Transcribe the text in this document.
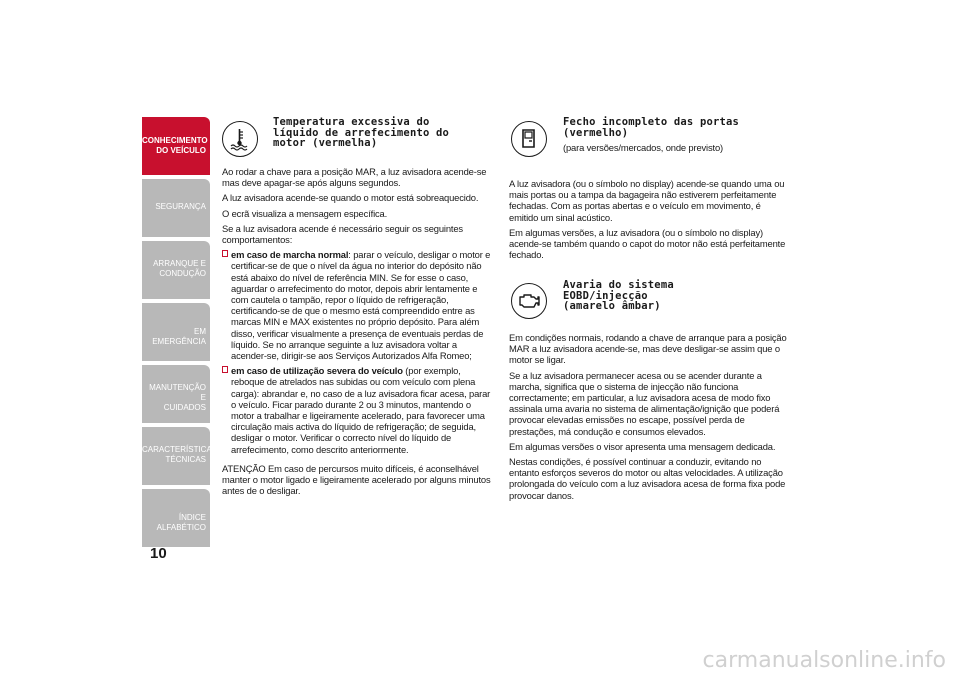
CONHECIMENTO
DO VEÍCULO
SEGURANÇA
ARRANQUE E
CONDUÇÃO
EM EMERGÊNCIA
MANUTENÇÃO E
CUIDADOS
CARACTERÍSTICAS
TÉCNICAS
ÍNDICE ALFABÉTICO
10
Temperatura excessiva do
líquido de arrefecimento do
motor (vermelha)

Ao rodar a chave para a posição MAR, a luz avisadora acende-se mas deve apagar-se após alguns segundos.

A luz avisadora acende-se quando o motor está sobreaquecido.

O ecrã visualiza a mensagem específica.

Se a luz avisadora acende é necessário seguir os seguintes comportamentos:

em caso de marcha normal: parar o veículo, desligar o motor e certificar-se de que o nível da água no interior do depósito não está abaixo do nível de referência MIN. Se for esse o caso, aguardar o arrefecimento do motor, depois abrir lentamente e com cautela o tampão, repor o líquido de refrigeração, certificando-se de que o mesmo está compreendido entre as marcas MIN e MAX existentes no próprio depósito. Para além disso, verificar visualmente a presença de eventuais perdas de líquido. Se no arranque seguinte a luz avisadora voltar a acender-se, dirigir-se aos Serviços Autorizados Alfa Romeo;

em caso de utilização severa do veículo (por exemplo, reboque de atrelados nas subidas ou com veículo com plena carga): abrandar e, no caso de a luz avisadora ficar acesa, parar o veículo. Ficar parado durante 2 ou 3 minutos, mantendo o motor a trabalhar e ligeiramente acelerado, para favorecer uma circulação mais activa do líquido de refrigeração; de seguida, desligar o motor. Verificar o correcto nível do líquido de arrefecimento, como descrito anteriormente.

ATENÇÃO Em caso de percursos muito difíceis, é aconselhável manter o motor ligado e ligeiramente acelerado por alguns minutos antes de o desligar.

Fecho incompleto das portas
(vermelho)
(para versões/mercados, onde previsto)

A luz avisadora (ou o símbolo no display) acende-se quando uma ou mais portas ou a tampa da bagageira não estiverem perfeitamente fechadas. Com as portas abertas e o veículo em movimento, é emitido um sinal acústico.

Em algumas versões, a luz avisadora (ou o símbolo no display) acende-se também quando o capot do motor não está perfeitamente fechado.

Avaria do sistema
EOBD/injecção
(amarelo âmbar)

Em condições normais, rodando a chave de arranque para a posição MAR a luz avisadora acende-se, mas deve desligar-se assim que o motor se ligar.

Se a luz avisadora permanecer acesa ou se acender durante a marcha, significa que o sistema de injecção não funciona correctamente; em particular, a luz avisadora acesa de modo fixo assinala uma avaria no sistema de alimentação/ignição que poderá provocar elevadas emissões no escape, possível perda de prestações, má condução e consumos elevados.

Em algumas versões o visor apresenta uma mensagem dedicada.

Nestas condições, é possível continuar a conduzir, evitando no entanto esforços severos do motor ou altas velocidades. A utilização prolongada do veículo com a luz avisadora acesa de forma fixa pode provocar danos.

carmanualsonline.info
